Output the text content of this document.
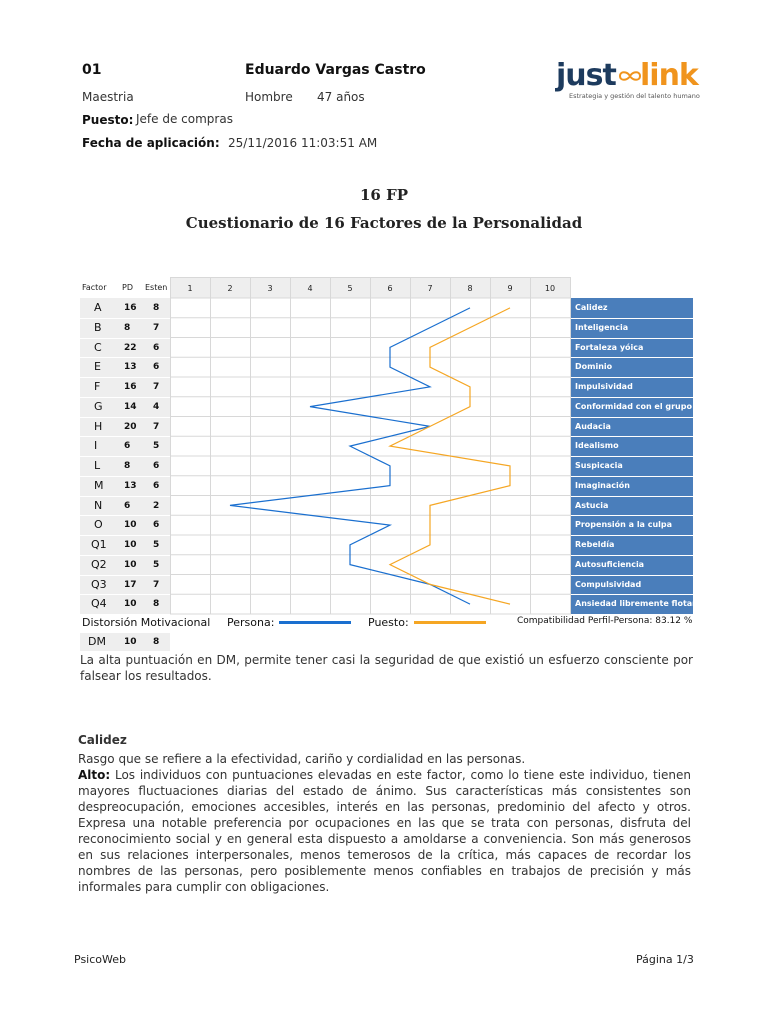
01	Eduardo Vargas Castro
Maestria	Hombre 47 años
Puesto: Jefe de compras
Fecha de aplicación: 25/11/2016 11:03:51 AM
just link
Estrategia y gestión del talento humano
16 FP
Cuestionario de 16 Factores de la Personalidad
Factor PD Esten
A 16 8	Calidez
B 8	7	Inteligencia
C 22 6	Fortaleza yóica
E	13 6	Dominio
F	16 7	Impulsividad
G 14 4	Conformidad con el grupo
H 20 7	Audacia
I	6	5	Idealismo
L	8	6	Suspicacia
M 13 6	Imaginación
N 6	2	Astucia
O 10 6	Propensión a la culpa
Q1 10 5	Rebeldía
Q2 10 5	Autosuficiencia
Q3 17 7	Compulsividad
Q4 10 8	Ansiedad libremente flotante
1	2	3	4	5	6	7	8	9	10
Distorsión Motivacional Persona:	Puesto:	Compatibilidad Perfil-Persona: 83.12 %
DM 10 8
La alta puntuación en DM, permite tener casi la seguridad de que existió un esfuerzo consciente por falsear los resultados.
Calidez
Rasgo que se refiere a la efectividad, cariño y cordialidad en las personas.
Alto: Los individuos con puntuaciones elevadas en este factor, como lo tiene este individuo, tienen mayores fluctuaciones diarias del estado de ánimo. Sus características más consistentes son despreocupación, emociones accesibles, interés en las personas, predominio del afecto y otros. Expresa una notable preferencia por ocupaciones en las que se trata con personas, disfruta del reconocimiento social y en general esta dispuesto a amoldarse a conveniencia. Son más generosos en sus relaciones interpersonales, menos temerosos de la crítica, más capaces de recordar los nombres de las personas, pero posiblemente menos confiables en trabajos de precisión y más informales para cumplir con obligaciones.
PsicoWeb	Página 1/3
